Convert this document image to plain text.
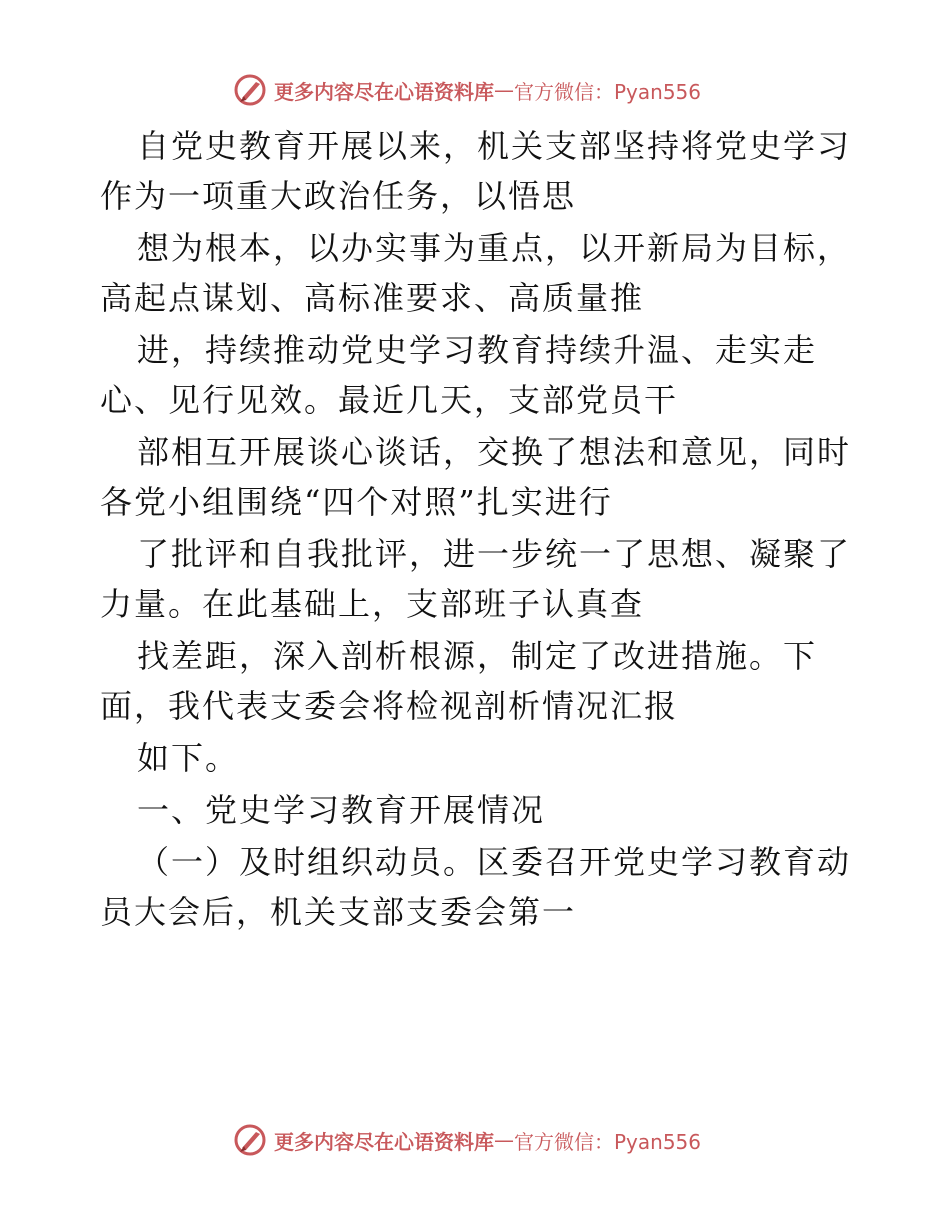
更多内容尽在心语资料库 — 官方微信：Pyan556
自党史教育开展以来，机关支部坚持将党史学习
作为一项重大政治任务，以悟思
想为根本，以办实事为重点，以开新局为目标，
高起点谋划、高标准要求、高质量推
进，持续推动党史学习教育持续升温、走实走
心、见行见效。最近几天，支部党员干
部相互开展谈心谈话，交换了想法和意见，同时
各党小组围绕“四个对照”扎实进行
了批评和自我批评，进一步统一了思想、凝聚了
力量。在此基础上，支部班子认真查
找差距，深入剖析根源，制定了改进措施。下
面，我代表支委会将检视剖析情况汇报
如下。
一、党史学习教育开展情况
（一）及时组织动员。区委召开党史学习教育动
员大会后，机关支部支委会第一
更多内容尽在心语资料库 — 官方微信：Pyan556
